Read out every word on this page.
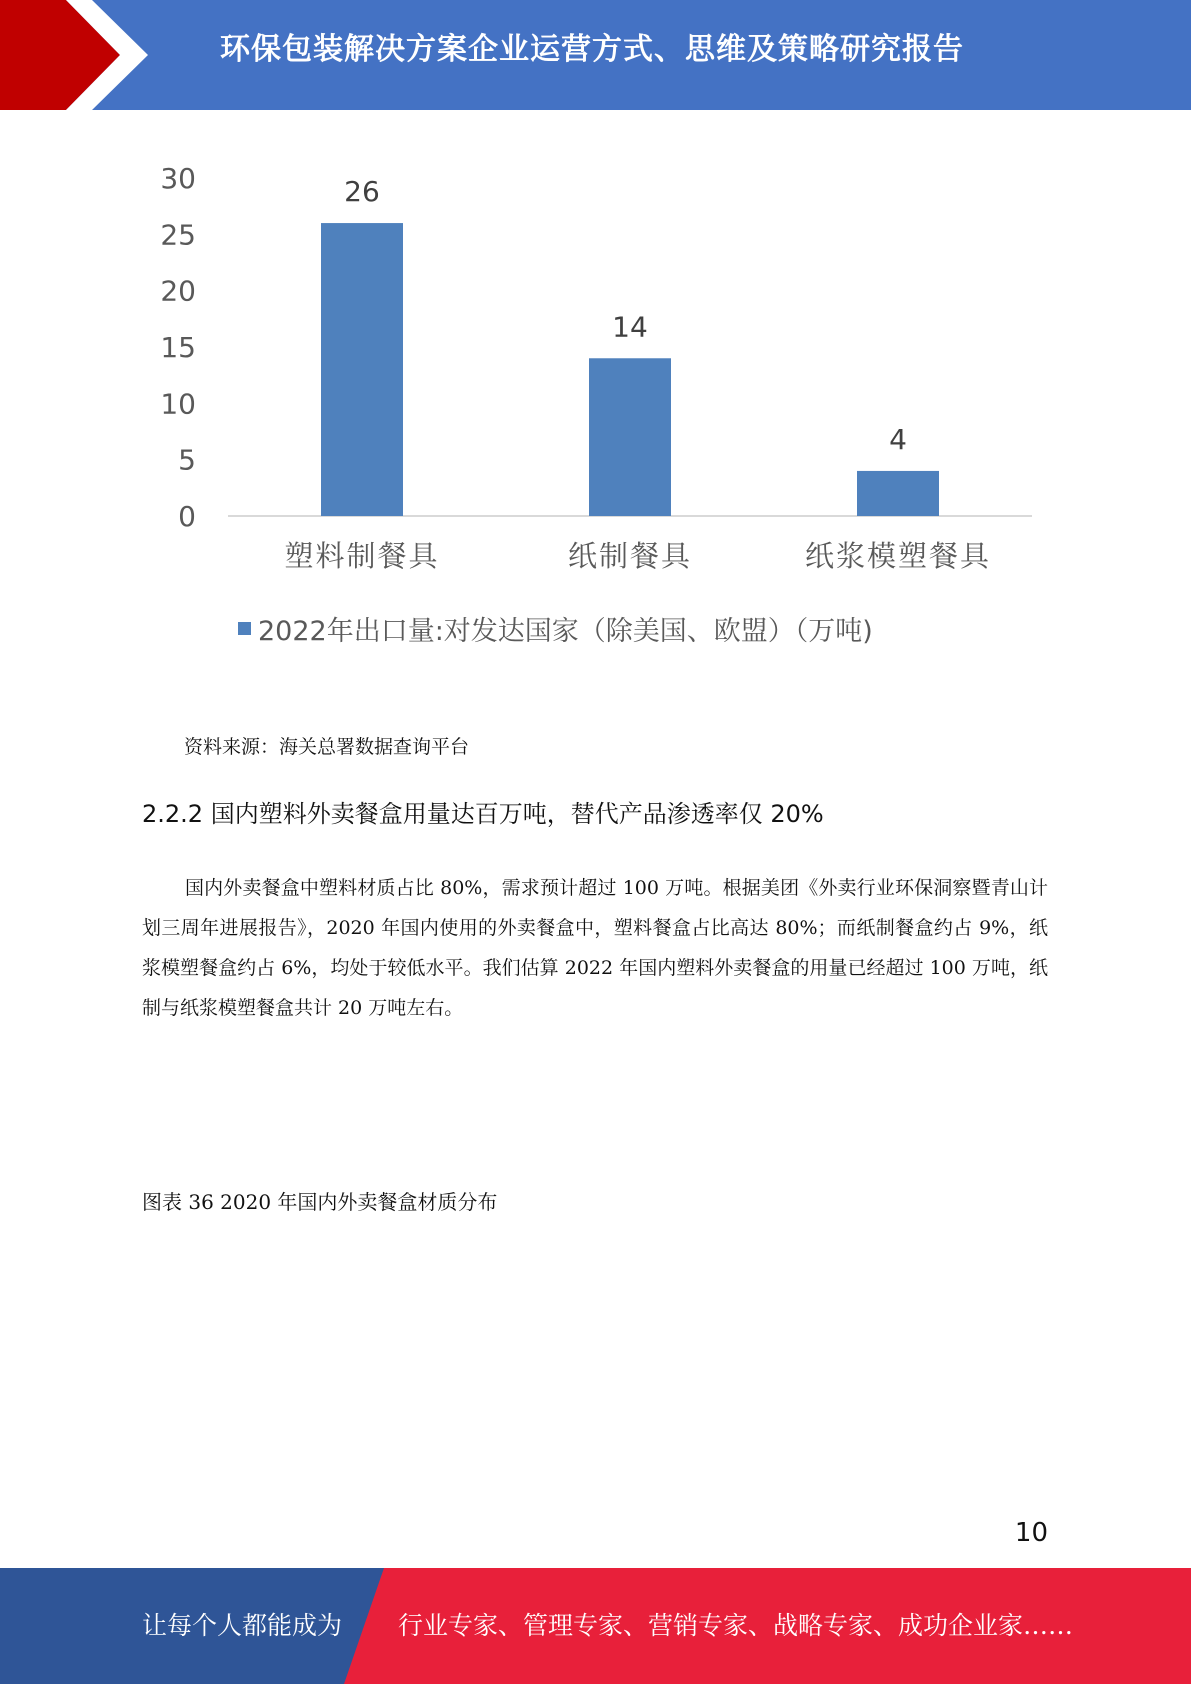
环保包装解决方案企业运营方式、思维及策略研究报告
0
5
10
15
20
25
30	26
14
4
塑料制餐具	纸制餐具	纸浆模塑餐具
2022年出口量:对发达国家（除美国、欧盟）（万吨)
资料来源：海关总署数据查询平台
2.2.2 国内塑料外卖餐盒用量达百万吨，替代产品渗透率仅 20%

国内外卖餐盒中塑料材质占比 80%，需求预计超过 100 万吨。根据美团《外卖行业环保洞察暨青山计划三周年进展报告》，2020 年国内使用的外卖餐盒中，塑料餐盒占比高达 80%；而纸制餐盒约占 9%，纸浆模塑餐盒约占 6%，均处于较低水平。我们估算 2022 年国内塑料外卖餐盒的用量已经超过 100 万吨，纸制与纸浆模塑餐盒共计 20 万吨左右。

图表 36 2020 年国内外卖餐盒材质分布
10
让每个人都能成为 行业专家、管理专家、营销专家、战略专家、成功企业家……
